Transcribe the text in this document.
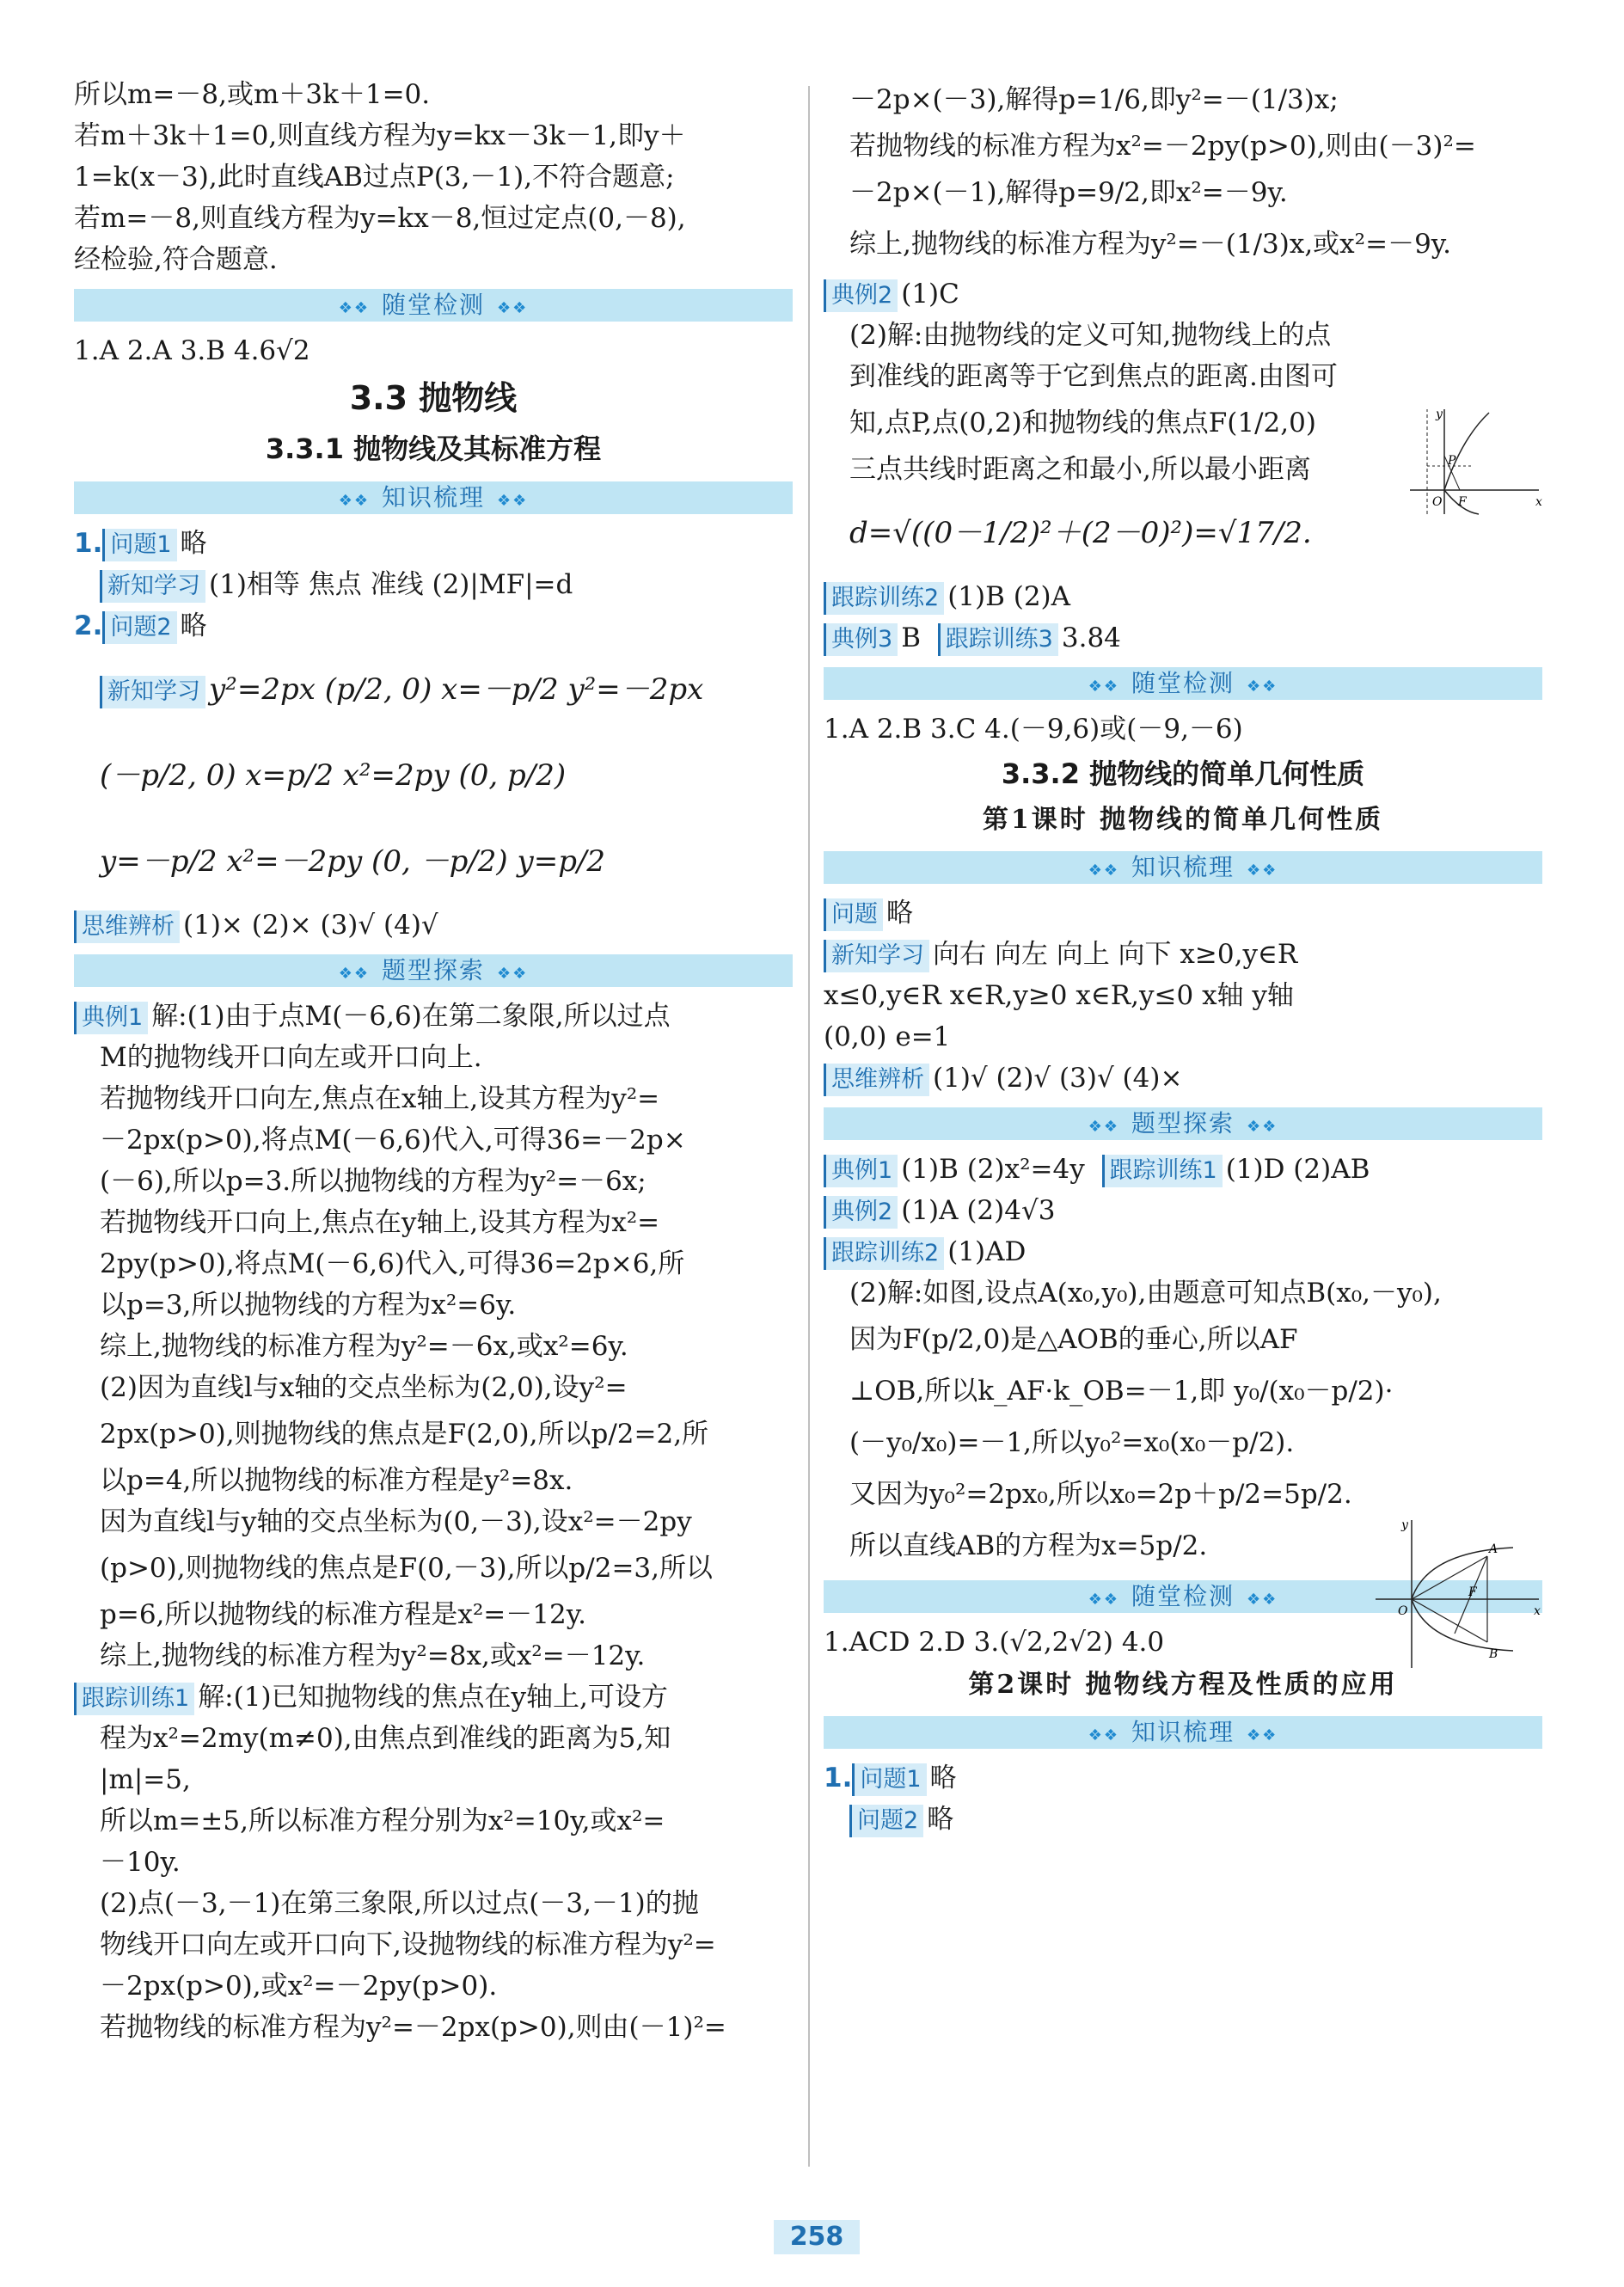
所以m=－8,或m＋3k＋1=0.
若m＋3k＋1=0,则直线方程为y=kx－3k－1,即y＋
1=k(x－3),此时直线AB过点P(3,－1),不符合题意;
若m=－8,则直线方程为y=kx－8,恒过定点(0,－8),
经检验,符合题意.
❖❖ 随堂检测 ❖❖
1.A 2.A 3.B 4.6√2
3.3 抛物线
3.3.1 抛物线及其标准方程
❖❖ 知识梳理 ❖❖
1. 问题1 略
新知学习 (1)相等 焦点 准线 (2)|MF|=d
2. 问题2 略
新知学习 y²=2px (p/2, 0) x=－p/2 y²=－2px
(－p/2, 0) x=p/2 x²=2py (0, p/2)
y=－p/2 x²=－2py (0, －p/2) y=p/2
思维辨析 (1)× (2)× (3)√ (4)√
❖❖ 题型探索 ❖❖
典例1 解:(1)由于点M(－6,6)在第二象限,所以过点
M的抛物线开口向左或开口向上.
若抛物线开口向左,焦点在x轴上,设其方程为y²=
－2px(p>0),将点M(－6,6)代入,可得36=－2p×
(－6),所以p=3.所以抛物线的方程为y²=－6x;
若抛物线开口向上,焦点在y轴上,设其方程为x²=
2py(p>0),将点M(－6,6)代入,可得36=2p×6,所
以p=3,所以抛物线的方程为x²=6y.
综上,抛物线的标准方程为y²=－6x,或x²=6y.
(2)因为直线l与x轴的交点坐标为(2,0),设y²=
2px(p>0),则抛物线的焦点是F(2,0),所以p/2=2,所
以p=4,所以抛物线的标准方程是y²=8x.
因为直线l与y轴的交点坐标为(0,－3),设x²=－2py
(p>0),则抛物线的焦点是F(0,－3),所以p/2=3,所以
p=6,所以抛物线的标准方程是x²=－12y.
综上,抛物线的标准方程为y²=8x,或x²=－12y.
跟踪训练1 解:(1)已知抛物线的焦点在y轴上,可设方
程为x²=2my(m≠0),由焦点到准线的距离为5,知
|m|=5,
所以m=±5,所以标准方程分别为x²=10y,或x²=
－10y.
(2)点(－3,－1)在第三象限,所以过点(－3,－1)的抛
物线开口向左或开口向下,设抛物线的标准方程为y²=
－2px(p>0),或x²=－2py(p>0).
若抛物线的标准方程为y²=－2px(p>0),则由(－1)²=
－2p×(－3),解得p=1/6,即y²=－(1/3)x;
若抛物线的标准方程为x²=－2py(p>0),则由(－3)²=
－2p×(－1),解得p=9/2,即x²=－9y.
综上,抛物线的标准方程为y²=－(1/3)x,或x²=－9y.
典例2 (1)C
(2)解:由抛物线的定义可知,抛物线上的点
到准线的距离等于它到焦点的距离.由图可
知,点P,点(0,2)和抛物线的焦点F(1/2,0)
三点共线时距离之和最小,所以最小距离
d=√((0－1/2)²＋(2－0)²)=√17/2.
跟踪训练2 (1)B (2)A
典例3 B 跟踪训练3 3.84
❖❖ 随堂检测 ❖❖
1.A 2.B 3.C 4.(－9,6)或(－9,－6)
3.3.2 抛物线的简单几何性质
第1课时 抛物线的简单几何性质
❖❖ 知识梳理 ❖❖
问题 略
新知学习 向右 向左 向上 向下 x≥0,y∈R
x≤0,y∈R x∈R,y≥0 x∈R,y≤0 x轴 y轴
(0,0) e=1
思维辨析 (1)√ (2)√ (3)√ (4)×
❖❖ 题型探索 ❖❖
典例1 (1)B (2)x²=4y 跟踪训练1 (1)D (2)AB
典例2 (1)A (2)4√3
跟踪训练2 (1)AD
(2)解:如图,设点A(x₀,y₀),由题意可知点B(x₀,－y₀),
因为F(p/2,0)是△AOB的垂心,所以AF
⊥OB,所以k_AF·k_OB=－1,即 y₀/(x₀－p/2)·
(－y₀/x₀)=－1,所以y₀²=x₀(x₀－p/2).
又因为y₀²=2px₀,所以x₀=2p＋p/2=5p/2.
所以直线AB的方程为x=5p/2.
❖❖ 随堂检测 ❖❖
1.ACD 2.D 3.(√2,2√2) 4.0
第2课时 抛物线方程及性质的应用
❖❖ 知识梳理 ❖❖
1. 问题1 略
问题2 略
y
x
O F
P
y
x
O
A
B
F
258
